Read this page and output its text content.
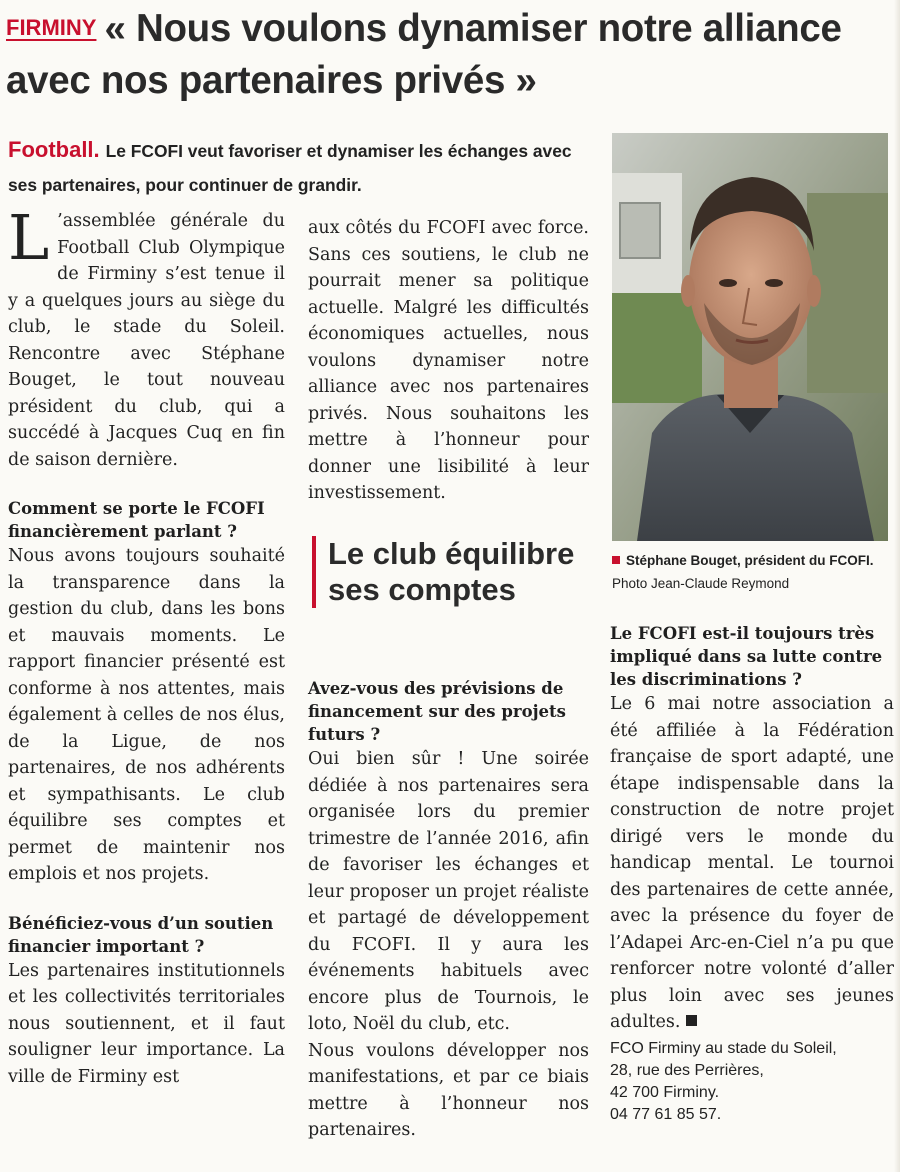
FIRMINY « Nous voulons dynamiser notre alliance avec nos partenaires privés »
Football. Le FCOFI veut favoriser et dynamiser les échanges avec ses partenaires, pour continuer de grandir.

L ’assemblée générale du Football Club Olympique de Firminy s’est tenue il y a quelques jours au siège du club, le stade du Soleil. Rencontre avec Stéphane Bouget, le tout nouveau président du club, qui a succédé à Jacques Cuq en fin de saison dernière.

Comment se porte le FCOFI financièrement parlant ?

Nous avons toujours souhaité la transparence dans la gestion du club, dans les bons et mauvais moments. Le rapport financier présenté est conforme à nos attentes, mais également à celles de nos élus, de la Ligue, de nos partenaires, de nos adhérents et sympathisants. Le club équilibre ses comptes et permet de maintenir nos emplois et nos projets.

Bénéficiez-vous d’un soutien financier important ?

Les partenaires institutionnels et les collectivités territoriales nous soutiennent, et il faut souligner leur importance. La ville de Firminy est

aux côtés du FCOFI avec force. Sans ces soutiens, le club ne pourrait mener sa politique actuelle. Malgré les difficultés économiques actuelles, nous voulons dynamiser notre alliance avec nos partenaires privés. Nous souhaitons les mettre à l’honneur pour donner une lisibilité à leur investissement.

Le club équilibre ses comptes

Avez-vous des prévisions de financement sur des projets futurs ?

Oui bien sûr ! Une soirée dédiée à nos partenaires sera organisée lors du premier trimestre de l’année 2016, afin de favoriser les échanges et leur proposer un projet réaliste et partagé de développement du FCOFI. Il y aura les événements habituels avec encore plus de Tournois, le loto, Noël du club, etc.

Nous voulons développer nos manifestations, et par ce biais mettre à l’honneur nos partenaires.

Stéphane Bouget, président du FCOFI. Photo Jean-Claude Reymond

Le FCOFI est-il toujours très impliqué dans sa lutte contre les discriminations ?

Le 6 mai notre association a été affiliée à la Fédération française de sport adapté, une étape indispensable dans la construction de notre projet dirigé vers le monde du handicap mental. Le tournoi des partenaires de cette année, avec la présence du foyer de l’Adapei Arc-en-Ciel n’a pu que renforcer notre volonté d’aller plus loin avec ses jeunes adultes.

FCO Firminy au stade du Soleil,
28, rue des Perrières,
42 700 Firminy.
04 77 61 85 57.
